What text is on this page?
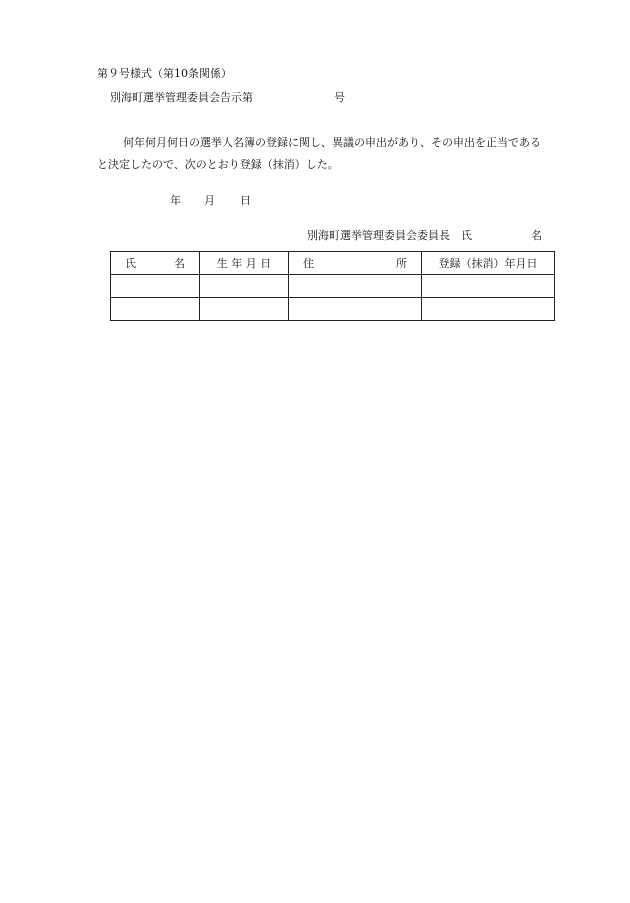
第９号様式（第10条関係）
別海町選挙管理委員会告示第	号
何年何月何日の選挙人名簿の登録に関し、異議の申出があり、その申出を正当である
と決定したので、次のとおり登録（抹消）した。
年 月 日
別海町選挙管理委員会委員長　氏	名
氏 名	生 年 月 日	住 所	登録（抹消）年月日
